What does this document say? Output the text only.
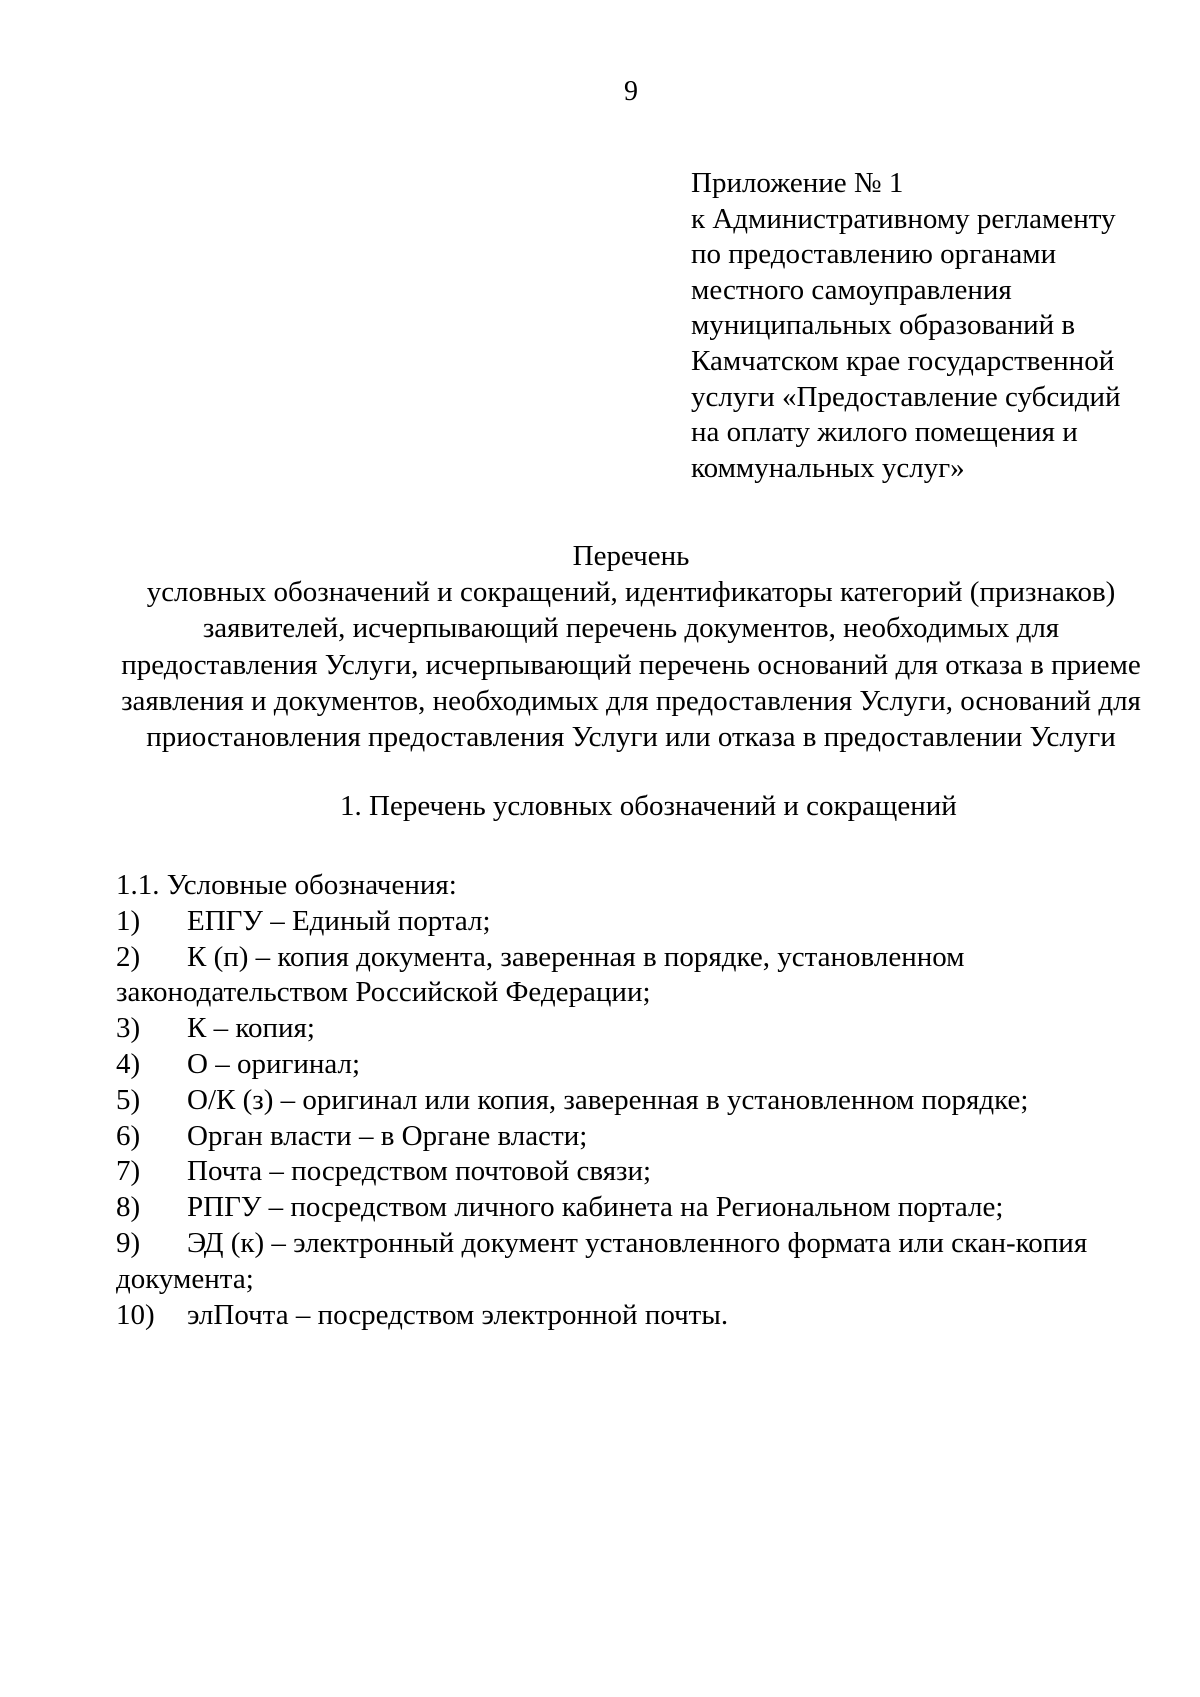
9
Приложение № 1
к Административному регламенту
по предоставлению органами
местного самоуправления
муниципальных образований в
Камчатском крае государственной
услуги «Предоставление субсидий
на оплату жилого помещения и
коммунальных услуг»
Перечень
условных обозначений и сокращений, идентификаторы категорий (признаков)
заявителей, исчерпывающий перечень документов, необходимых для
предоставления Услуги, исчерпывающий перечень оснований для отказа в приеме
заявления и документов, необходимых для предоставления Услуги, оснований для
приостановления предоставления Услуги или отказа в предоставлении Услуги
1. Перечень условных обозначений и сокращений
1.1. Условные обозначения:
1)	ЕПГУ – Единый портал;
2)	К (п) – копия документа, заверенная в порядке, установленном
законодательством Российской Федерации;
3)	К – копия;
4)	О – оригинал;
5)	О/К (з) – оригинал или копия, заверенная в установленном порядке;
6)	Орган власти – в Органе власти;
7)	Почта – посредством почтовой связи;
8)	РПГУ – посредством личного кабинета на Региональном портале;
9)	ЭД (к) – электронный документ установленного формата или скан-копия
документа;
10)	элПочта – посредством электронной почты.
